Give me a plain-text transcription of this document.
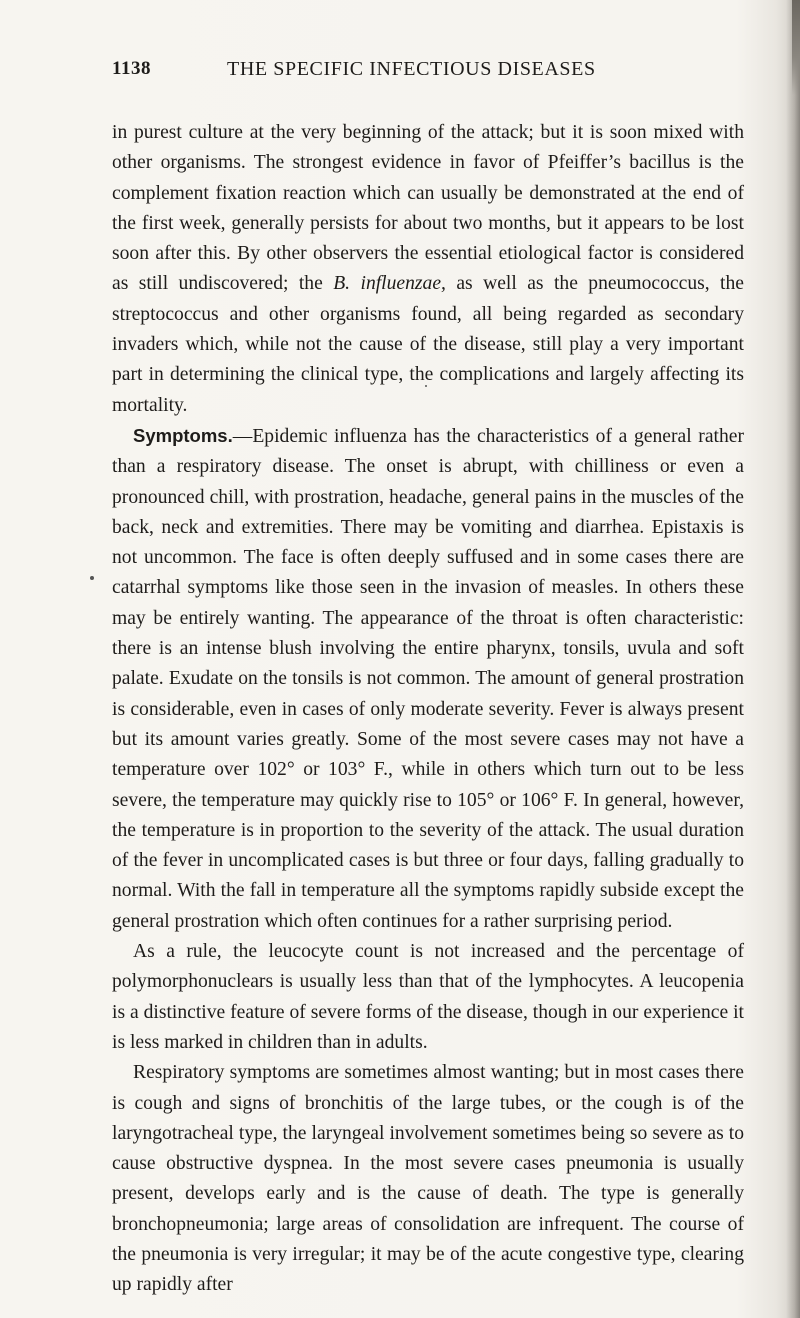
1138	THE SPECIFIC INFECTIOUS DISEASES

in purest culture at the very beginning of the attack; but it is soon mixed with other organisms. The strongest evidence in favor of Pfeiffer’s bacillus is the complement fixation reaction which can usually be demonstrated at the end of the first week, generally persists for about two months, but it appears to be lost soon after this. By other observers the essential etiological factor is considered as still undiscovered; the B. influenzae, as well as the pneumococcus, the streptococcus and other organisms found, all being regarded as secondary invaders which, while not the cause of the disease, still play a very important part in determining the clinical type, the complications and largely affecting its mortality.

Symptoms.—Epidemic influenza has the characteristics of a general rather than a respiratory disease. The onset is abrupt, with chilliness or even a pronounced chill, with prostration, headache, general pains in the muscles of the back, neck and extremities. There may be vomiting and diarrhea. Epistaxis is not uncommon. The face is often deeply suffused and in some cases there are catarrhal symptoms like those seen in the invasion of measles. In others these may be entirely wanting. The appearance of the throat is often characteristic: there is an intense blush involving the entire pharynx, tonsils, uvula and soft palate. Exudate on the tonsils is not common. The amount of general prostration is considerable, even in cases of only moderate severity. Fever is always present but its amount varies greatly. Some of the most severe cases may not have a temperature over 102° or 103° F., while in others which turn out to be less severe, the temperature may quickly rise to 105° or 106° F. In general, however, the temperature is in proportion to the severity of the attack. The usual duration of the fever in uncomplicated cases is but three or four days, falling gradually to normal. With the fall in temperature all the symptoms rapidly subside except the general prostration which often continues for a rather surprising period.

As a rule, the leucocyte count is not increased and the percentage of polymorphonuclears is usually less than that of the lymphocytes. A leucopenia is a distinctive feature of severe forms of the disease, though in our experience it is less marked in children than in adults.

Respiratory symptoms are sometimes almost wanting; but in most cases there is cough and signs of bronchitis of the large tubes, or the cough is of the laryngotracheal type, the laryngeal involvement sometimes being so severe as to cause obstructive dyspnea. In the most severe cases pneumonia is usually present, develops early and is the cause of death. The type is generally bronchopneumonia; large areas of consolidation are infrequent. The course of the pneumonia is very irregular; it may be of the acute congestive type, clearing up rapidly after
